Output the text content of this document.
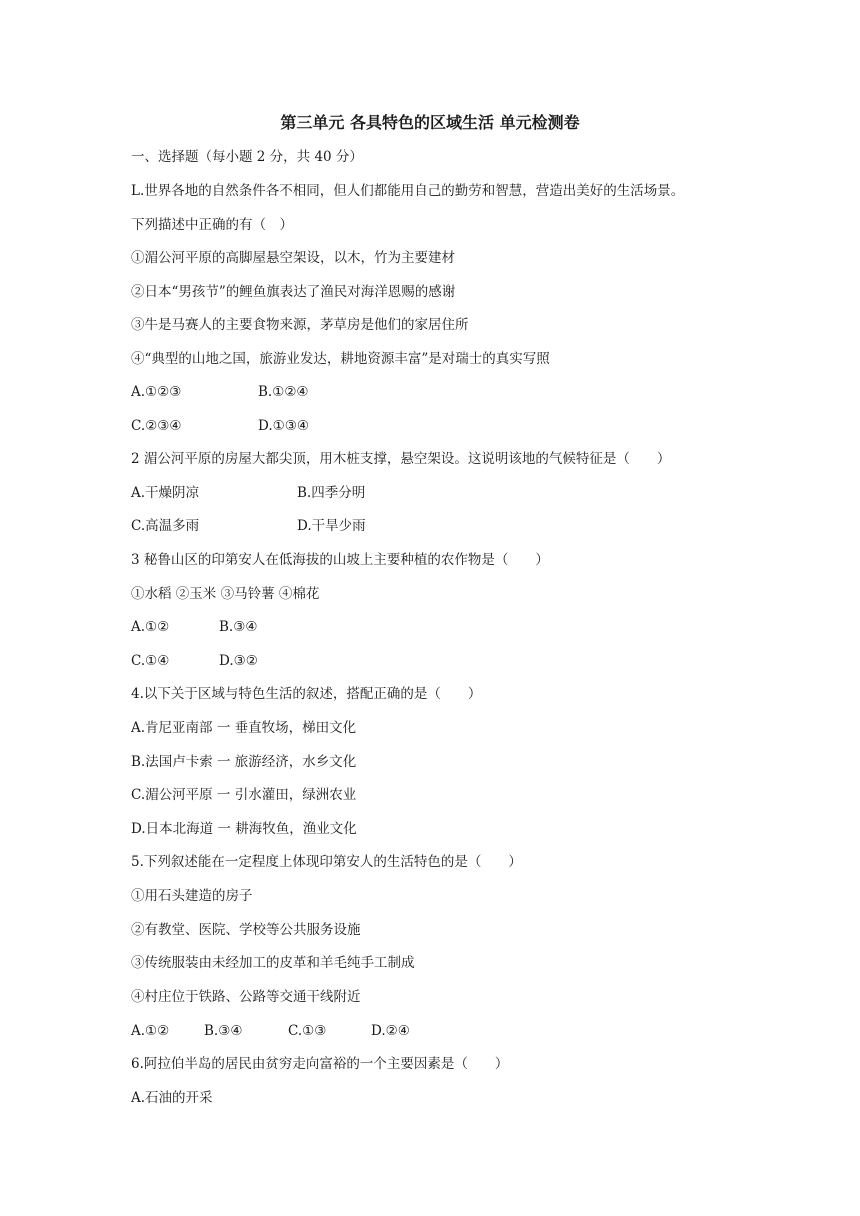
第三单元 各具特色的区域生活 单元检测卷
一、选择题（每小题 2 分，共 40 分）
L.世界各地的自然条件各不相同，但人们都能用自己的勤劳和智慧，营造出美好的生活场景。
下列描述中正确的有（　）
①湄公河平原的高脚屋悬空架设，以木，竹为主要建材
②日本“男孩节”的鲤鱼旗表达了渔民对海洋恩赐的感谢
③牛是马赛人的主要食物来源，茅草房是他们的家居住所
④“典型的山地之国，旅游业发达，耕地资源丰富”是对瑞士的真实写照
A.①②③	B.①②④
C.②③④	D.①③④
2 湄公河平原的房屋大都尖顶，用木桩支撑，悬空架设。这说明该地的气候特征是（　　）
A.干燥阴凉	B.四季分明
C.高温多雨	D.干旱少雨
3 秘鲁山区的印第安人在低海拔的山坡上主要种植的农作物是（　　）
①水稻 ②玉米 ③马铃薯 ④棉花
A.①②	B.③④
C.①④	D.③②
4.以下关于区域与特色生活的叙述，搭配正确的是（　　）
A.肯尼亚南部 一 垂直牧场，梯田文化
B.法国卢卡索 一 旅游经济，水乡文化
C.湄公河平原 一 引水灌田，绿洲农业
D.日本北海道 一 耕海牧鱼，渔业文化
5.下列叙述能在一定程度上体现印第安人的生活特色的是（　　）
①用石头建造的房子
②有教堂、医院、学校等公共服务设施
③传统服装由未经加工的皮革和羊毛纯手工制成
④村庄位于铁路、公路等交通干线附近
A.①②	B.③④	C.①③	D.②④
6.阿拉伯半岛的居民由贫穷走向富裕的一个主要因素是（　　）
A.石油的开采
